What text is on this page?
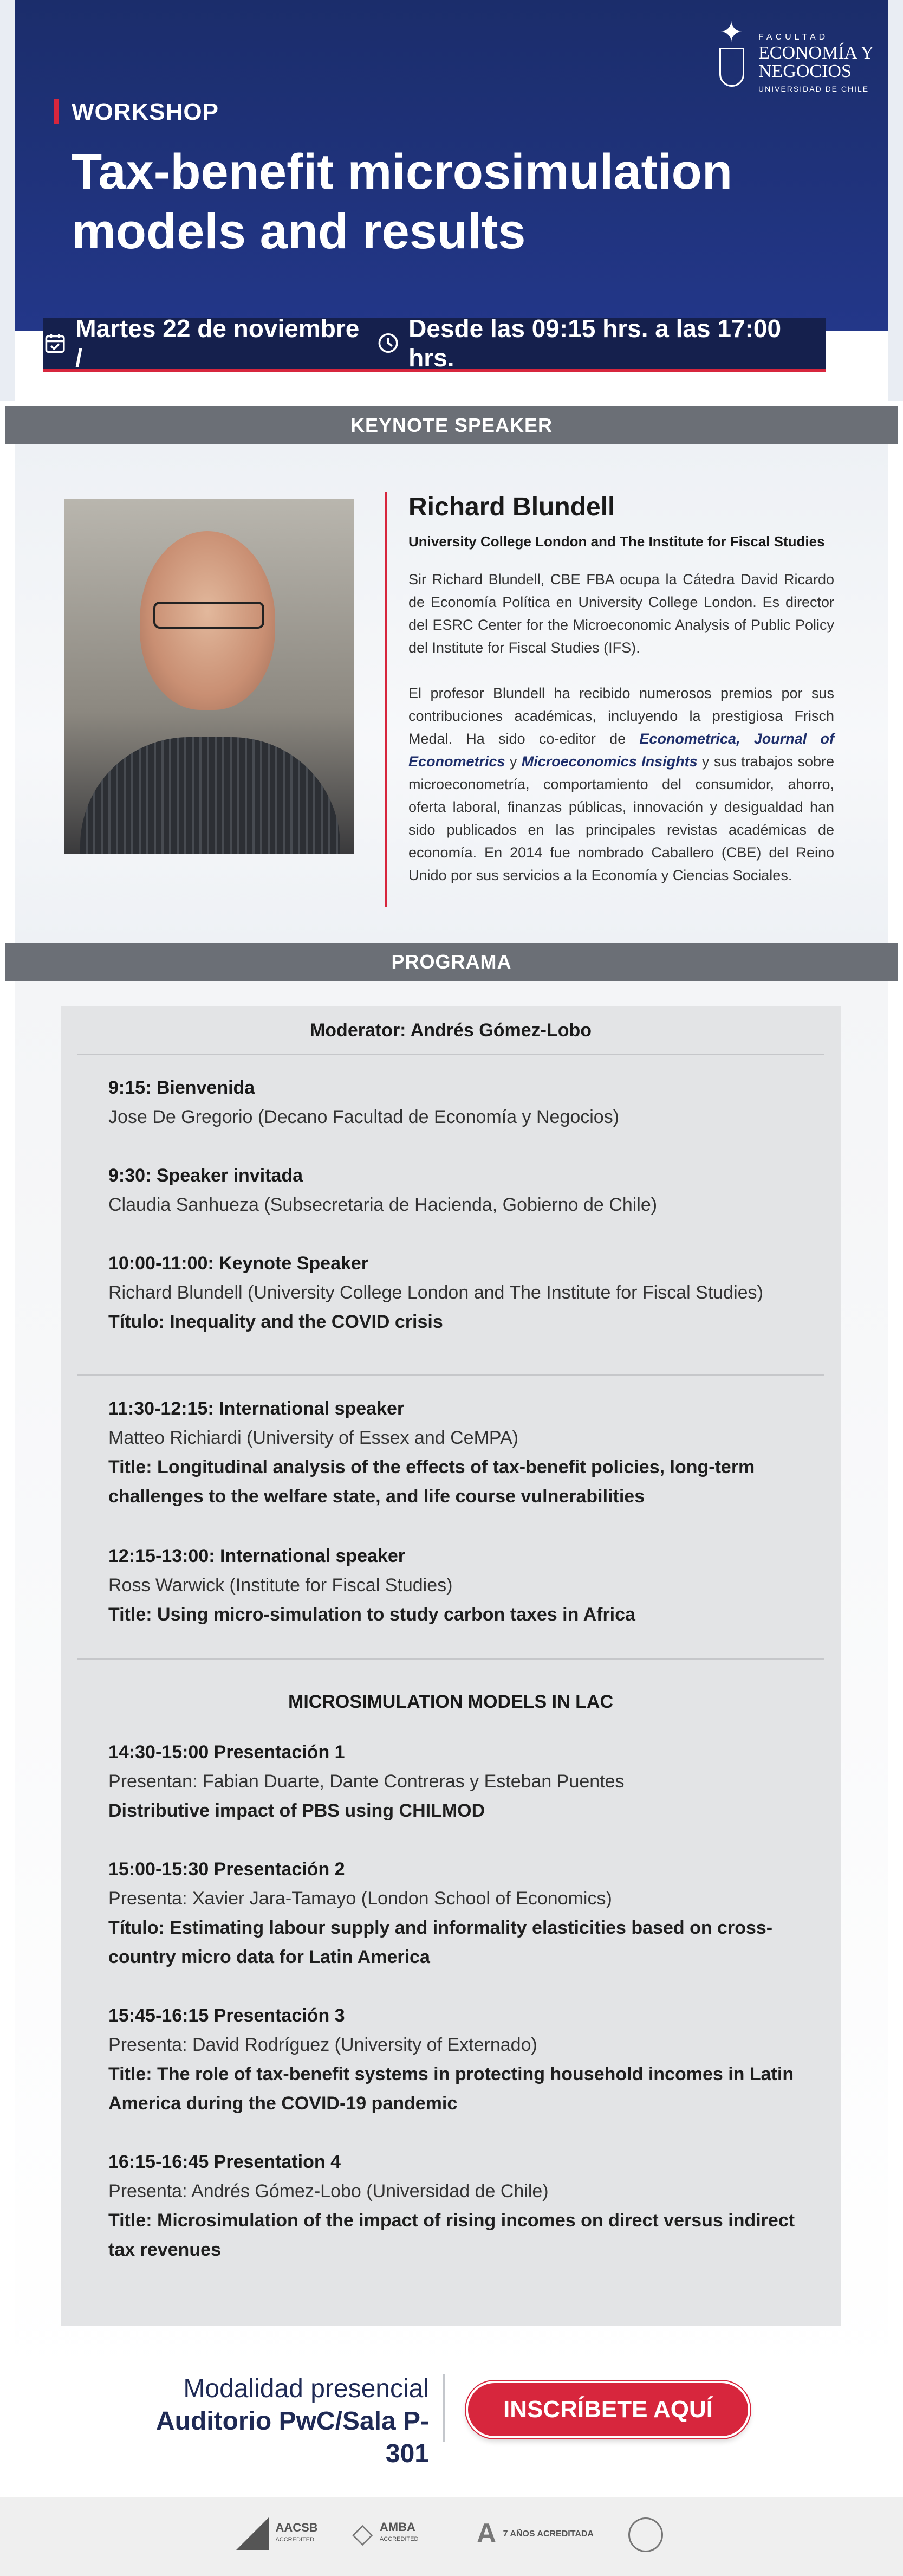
✦	FACULTAD
ECONOMÍA Y
NEGOCIOS
UNIVERSIDAD DE CHILE
WORKSHOP
Tax-benefit microsimulation models and results
Martes 22 de noviembre /
Desde las 09:15 hrs. a las 17:00 hrs.
KEYNOTE SPEAKER
Richard Blundell
University College London and The Institute for Fiscal Studies

Sir Richard Blundell, CBE FBA ocupa la Cátedra David Ricardo de Economía Política en University College London. Es director del ESRC Center for the Microeconomic Analysis of Public Policy del Institute for Fiscal Studies (IFS).

El profesor Blundell ha recibido numerosos premios por sus contribuciones académicas, incluyendo la prestigiosa Frisch Medal. Ha sido co-editor de Econometrica, Journal of Econometrics y Microeconomics Insights y sus trabajos sobre microeconometría, comportamiento del consumidor, ahorro, oferta laboral, finanzas públicas, innovación y desigualdad han sido publicados en las principales revistas académicas de economía. En 2014 fue nombrado Caballero (CBE) del Reino Unido por sus servicios a la Economía y Ciencias Sociales.

PROGRAMA
Moderator: Andrés Gómez-Lobo
9:15: Bienvenida
Jose De Gregorio (Decano Facultad de Economía y Negocios)
9:30: Speaker invitada
Claudia Sanhueza (Subsecretaria de Hacienda, Gobierno de Chile)
10:00-11:00: Keynote Speaker
Richard Blundell (University College London and The Institute for Fiscal Studies)
Título: Inequality and the COVID crisis
11:30-12:15: International speaker
Matteo Richiardi (University of Essex and CeMPA)
Title: Longitudinal analysis of the effects of tax-benefit policies, long-term challenges to the welfare state, and life course vulnerabilities
12:15-13:00: International speaker
Ross Warwick (Institute for Fiscal Studies)
Title: Using micro-simulation to study carbon taxes in Africa
MICROSIMULATION MODELS IN LAC
14:30-15:00 Presentación 1
Presentan: Fabian Duarte, Dante Contreras y Esteban Puentes
Distributive impact of PBS using CHILMOD
15:00-15:30 Presentación 2
Presenta: Xavier Jara-Tamayo (London School of Economics)
Título: Estimating labour supply and informality elasticities based on cross-country micro data for Latin America
15:45-16:15 Presentación 3
Presenta: David Rodríguez (University of Externado)
Title: The role of tax-benefit systems in protecting household incomes in Latin America during the COVID-19 pandemic
16:15-16:45 Presentation 4
Presenta: Andrés Gómez-Lobo (Universidad de Chile)
Title: Microsimulation of the impact of rising incomes on direct versus indirect tax revenues
Modalidad presencial
Auditorio PwC/Sala P-301
INSCRÍBETE AQUÍ
AACSB
ACCREDITED ◇ AMBA
ACCREDITED A 7 AÑOS ACREDITADA
